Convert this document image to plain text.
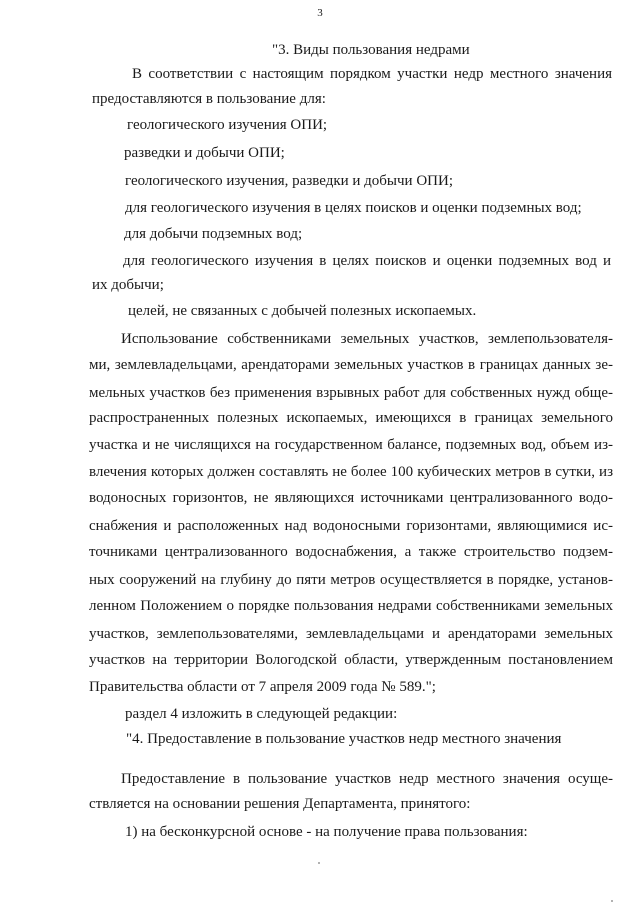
3
"3. Виды пользования недрами
В соответствии с настоящим порядком участки недр местного значения
предоставляются в пользование для:
геологического изучения ОПИ;
разведки и добычи ОПИ;
геологического изучения, разведки и добычи ОПИ;
для геологического изучения в целях поисков и оценки подземных вод;
для добычи подземных вод;
для геологического изучения в целях поисков и оценки подземных вод и
их добычи;
целей, не связанных с добычей полезных ископаемых.
Использование собственниками земельных участков, землепользователя-
ми, землевладельцами, арендаторами земельных участков в границах данных зе-
мельных участков без применения взрывных работ для собственных нужд обще-
распространенных полезных ископаемых, имеющихся в границах земельного
участка и не числящихся на государственном балансе, подземных вод, объем из-
влечения которых должен составлять не более 100 кубических метров в сутки, из
водоносных горизонтов, не являющихся источниками централизованного водо-
снабжения и расположенных над водоносными горизонтами, являющимися ис-
точниками централизованного водоснабжения, а также строительство подзем-
ных сооружений на глубину до пяти метров осуществляется в порядке, установ-
ленном Положением о порядке пользования недрами собственниками земельных
участков, землепользователями, землевладельцами и арендаторами земельных
участков на территории Вологодской области, утвержденным постановлением
Правительства области от 7 апреля 2009 года № 589.";
раздел 4 изложить в следующей редакции:
"4. Предоставление в пользование участков недр местного значения
Предоставление в пользование участков недр местного значения осуще-
ствляется на основании решения Департамента, принятого:
1) на бесконкурсной основе - на получение права пользования:
